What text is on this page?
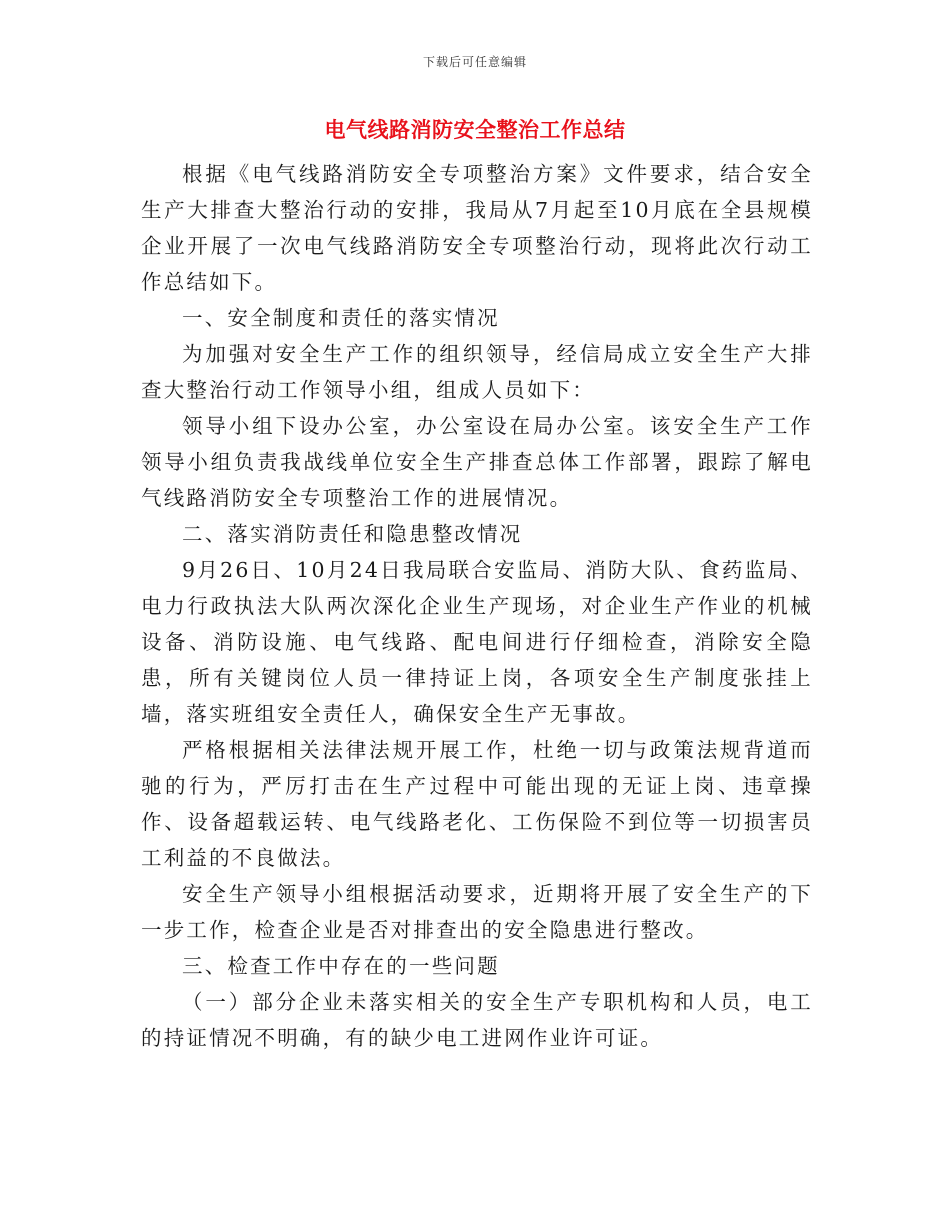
下载后可任意编辑
电气线路消防安全整治工作总结

根据《电气线路消防安全专项整治方案》文件要求，结合安全生产大排查大整治行动的安排，我局从7月起至10月底在全县规模企业开展了一次电气线路消防安全专项整治行动，现将此次行动工作总结如下。

一、安全制度和责任的落实情况

为加强对安全生产工作的组织领导，经信局成立安全生产大排查大整治行动工作领导小组，组成人员如下：

领导小组下设办公室，办公室设在局办公室。该安全生产工作领导小组负责我战线单位安全生产排查总体工作部署，跟踪了解电气线路消防安全专项整治工作的进展情况。

二、落实消防责任和隐患整改情况

9月26日、10月24日我局联合安监局、消防大队、食药监局、电力行政执法大队两次深化企业生产现场，对企业生产作业的机械设备、消防设施、电气线路、配电间进行仔细检查，消除安全隐患，所有关键岗位人员一律持证上岗，各项安全生产制度张挂上墙，落实班组安全责任人，确保安全生产无事故。

严格根据相关法律法规开展工作，杜绝一切与政策法规背道而驰的行为，严厉打击在生产过程中可能出现的无证上岗、违章操作、设备超载运转、电气线路老化、工伤保险不到位等一切损害员工利益的不良做法。

安全生产领导小组根据活动要求，近期将开展了安全生产的下一步工作，检查企业是否对排查出的安全隐患进行整改。

三、检查工作中存在的一些问题

（一）部分企业未落实相关的安全生产专职机构和人员，电工的持证情况不明确，有的缺少电工进网作业许可证。
